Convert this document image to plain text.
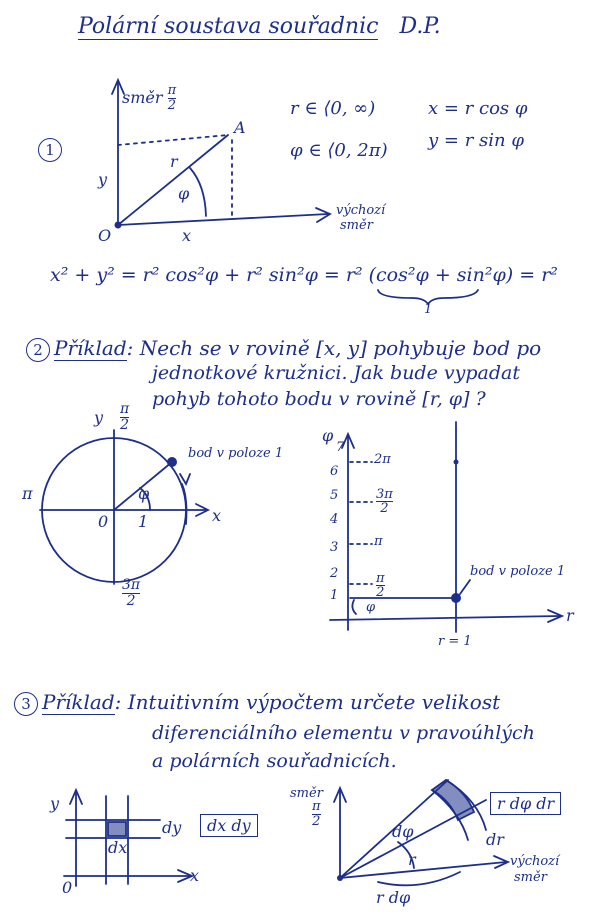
Polární soustava souřadnic D.P.
1
směr $\frac{\pi}{2}$
A
r
φ
y
x
O
výchozí
směr
r ∈ ⟨0, ∞)
φ ∈ ⟨0, 2π)
x = r cos φ
y = r sin φ
x² + y² = r² cos²φ + r² sin²φ = r² (cos²φ + sin²φ) = r²
1
2 Příklad: Nech se v rovině [x, y] pohybuje bod po
jednotkové kružnici. Jak bude vypadat
pohyb tohoto bodu v rovině [r, φ] ?
y π
2
π
0 1	x
φ
3π
2
bod v poloze 1
φ
1
2
3
4
5
6
7
2π
3π
2
π
π
2
φ
bod v poloze 1
r
r = 1
3 Příklad: Intuitivním výpočtem určete velikost
diferenciálního elementu v pravoúhlých
a polárních souřadnicích.
y
x
0
dy
dx
dx dy
směr
π
2
dφ
r
dr
r dφ
výchozí
směr
r dφ dr
